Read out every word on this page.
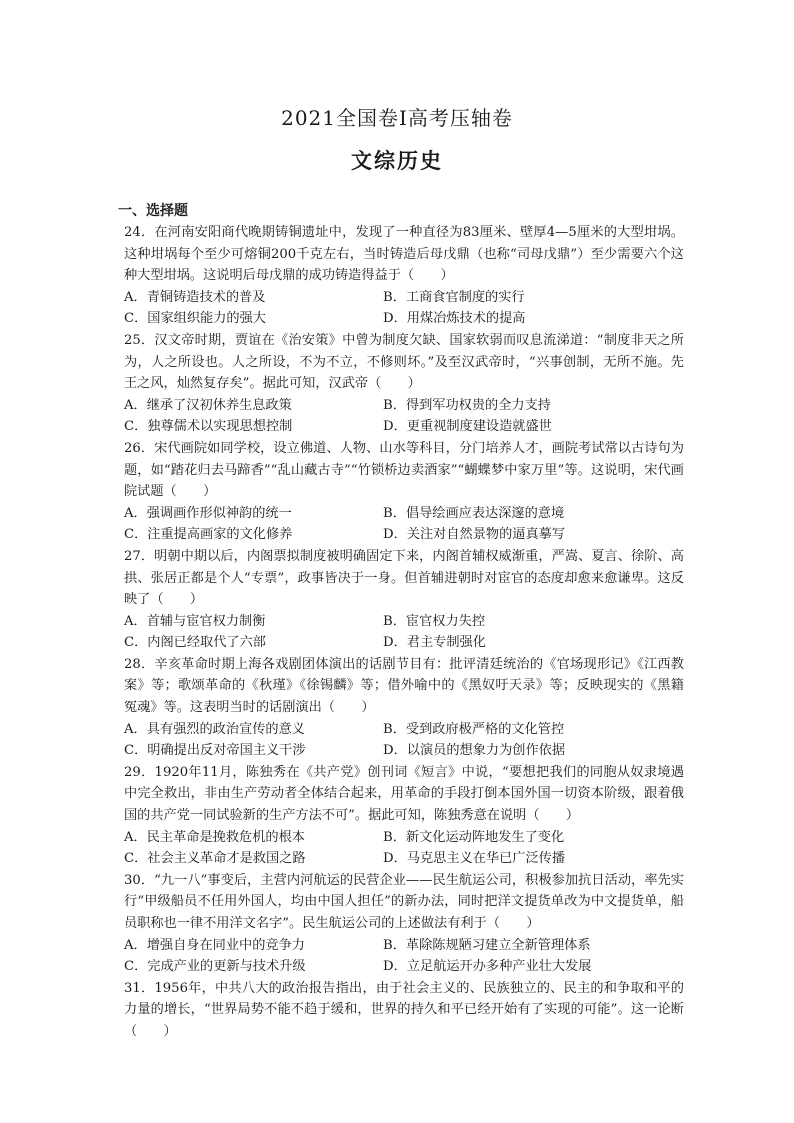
2021全国卷Ⅰ高考压轴卷
文综历史
一、选择题

24．在河南安阳商代晚期铸铜遗址中，发现了一种直径为83厘米、壁厚4—5厘米的大型坩埚。这种坩埚每个至少可熔铜200千克左右，当时铸造后母戊鼎（也称“司母戊鼎”）至少需要六个这种大型坩埚。这说明后母戊鼎的成功铸造得益于（　　）

A．青铜铸造技术的普及	B．工商食官制度的实行
C．国家组织能力的强大	D．用煤冶炼技术的提高

25．汉文帝时期，贾谊在《治安策》中曾为制度欠缺、国家软弱而叹息流涕道：“制度非天之所为，人之所设也。人之所设，不为不立，不修则坏。”及至汉武帝时，“兴事创制，无所不施。先王之风，灿然复存矣”。据此可知，汉武帝（　　）

A．继承了汉初休养生息政策	B．得到军功权贵的全力支持
C．独尊儒术以实现思想控制	D．更重视制度建设造就盛世

26．宋代画院如同学校，设立佛道、人物、山水等科目，分门培养人才，画院考试常以古诗句为题，如“踏花归去马蹄香”“乱山藏古寺”“竹锁桥边卖酒家”“蝴蝶梦中家万里”等。这说明，宋代画院试题（　　）

A．强调画作形似神韵的统一	B．倡导绘画应表达深邃的意境
C．注重提高画家的文化修养	D．关注对自然景物的逼真摹写

27．明朝中期以后，内阁票拟制度被明确固定下来，内阁首辅权威渐重，严嵩、夏言、徐阶、高拱、张居正都是个人“专票”，政事皆决于一身。但首辅进朝时对宦官的态度却愈来愈谦卑。这反映了（　　）

A．首辅与宦官权力制衡	B．宦官权力失控
C．内阁已经取代了六部	D．君主专制强化

28．辛亥革命时期上海各戏剧团体演出的话剧节目有：批评清廷统治的《官场现形记》《江西教案》等；歌颂革命的《秋瑾》《徐锡麟》等；借外喻中的《黑奴吁天录》等；反映现实的《黑籍冤魂》等。这表明当时的话剧演出（　　）

A．具有强烈的政治宣传的意义	B．受到政府极严格的文化管控
C．明确提出反对帝国主义干涉	D．以演员的想象力为创作依据

29．1920年11月，陈独秀在《共产党》创刊词《短言》中说，“要想把我们的同胞从奴隶境遇中完全救出，非由生产劳动者全体结合起来，用革命的手段打倒本国外国一切资本阶级，跟着俄国的共产党一同试验新的生产方法不可”。据此可知，陈独秀意在说明（　　）

A．民主革命是挽救危机的根本	B．新文化运动阵地发生了变化
C．社会主义革命才是救国之路	D．马克思主义在华已广泛传播

30．“九一八”事变后，主营内河航运的民营企业——民生航运公司，积极参加抗日活动，率先实行“甲级船员不任用外国人，均由中国人担任”的新办法，同时把洋文提货单改为中文提货单，船员职称也一律不用洋文名字”。民生航运公司的上述做法有利于（　　）

A．增强自身在同业中的竞争力	B．革除陈规陋习建立全新管理体系
C．完成产业的更新与技术升级	D．立足航运开办多种产业壮大发展

31．1956年，中共八大的政治报告指出，由于社会主义的、民族独立的、民主的和争取和平的力量的增长，“世界局势不能不趋于缓和，世界的持久和平已经开始有了实现的可能”。这一论断（　　）
